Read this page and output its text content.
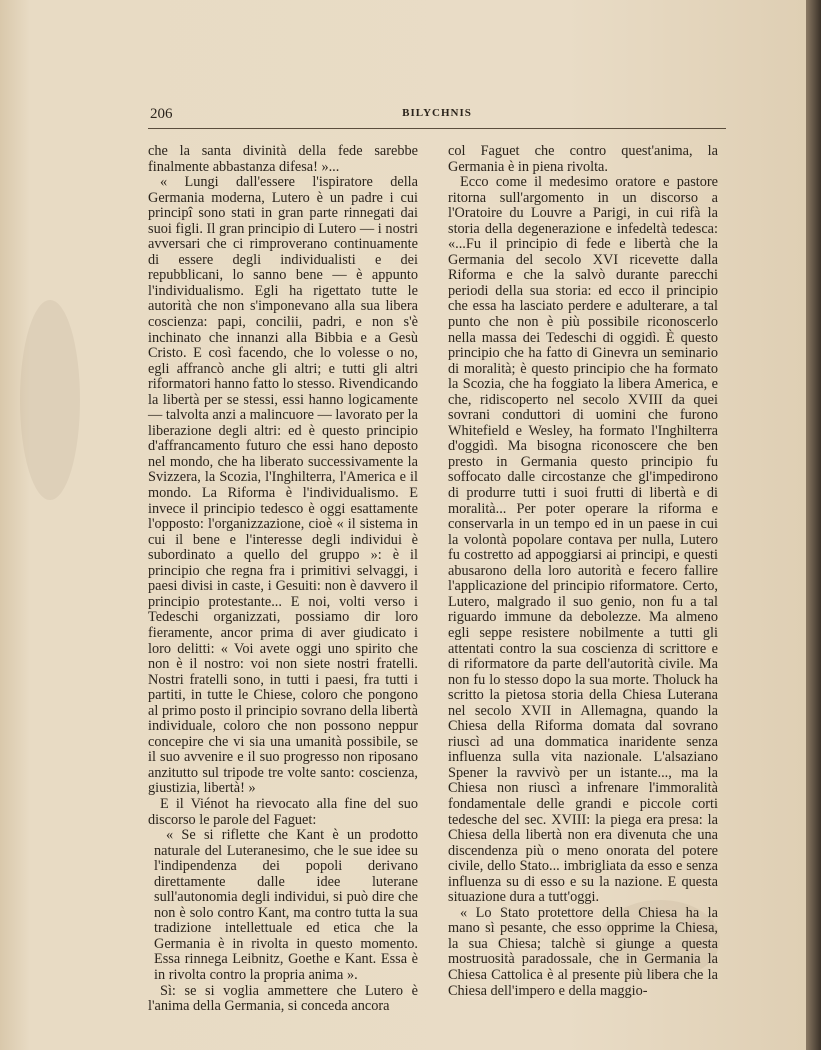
206	BILYCHNIS

che la santa divinità della fede sarebbe finalmente abbastanza difesa! »...

« Lungi dall'essere l'ispiratore della Germania moderna, Lutero è un padre i cui principî sono stati in gran parte rinnegati dai suoi figli. Il gran principio di Lutero — i nostri avversari che ci rimproverano continuamente di essere degli individualisti e dei repubblicani, lo sanno bene — è appunto l'individualismo. Egli ha rigettato tutte le autorità che non s'imponevano alla sua libera coscienza: papi, concilii, padri, e non s'è inchinato che innanzi alla Bibbia e a Gesù Cristo. E così facendo, che lo volesse o no, egli affrancò anche gli altri; e tutti gli altri riformatori hanno fatto lo stesso. Rivendicando la libertà per se stessi, essi hanno logicamente — talvolta anzi a malincuore — lavorato per la liberazione degli altri: ed è questo principio d'affrancamento futuro che essi hano deposto nel mondo, che ha liberato successivamente la Svizzera, la Scozia, l'Inghilterra, l'America e il mondo. La Riforma è l'individualismo. E invece il principio tedesco è oggi esattamente l'opposto: l'organizzazione, cioè « il sistema in cui il bene e l'interesse degli individui è subordinato a quello del gruppo »: è il principio che regna fra i primitivi selvaggi, i paesi divisi in caste, i Gesuiti: non è davvero il principio protestante... E noi, volti verso i Tedeschi organizzati, possiamo dir loro fieramente, ancor prima di aver giudicato i loro delitti: « Voi avete oggi uno spirito che non è il nostro: voi non siete nostri fratelli. Nostri fratelli sono, in tutti i paesi, fra tutti i partiti, in tutte le Chiese, coloro che pongono al primo posto il principio sovrano della libertà individuale, coloro che non possono neppur concepire che vi sia una umanità possibile, se il suo avvenire e il suo progresso non riposano anzitutto sul tripode tre volte santo: coscienza, giustizia, libertà! »

E il Viénot ha rievocato alla fine del suo discorso le parole del Faguet:

« Se si riflette che Kant è un prodotto naturale del Luteranesimo, che le sue idee su l'indipendenza dei popoli derivano direttamente dalle idee luterane sull'autonomia degli individui, si può dire che non è solo contro Kant, ma contro tutta la sua tradizione intellettuale ed etica che la Germania è in rivolta in questo momento. Essa rinnega Leibnitz, Goethe e Kant. Essa è in rivolta contro la propria anima ».

Sì: se si voglia ammettere che Lutero è l'anima della Germania, si conceda ancora

col Faguet che contro quest'anima, la Germania è in piena rivolta.

Ecco come il medesimo oratore e pastore ritorna sull'argomento in un discorso a l'Oratoire du Louvre a Parigi, in cui rifà la storia della degenerazione e infedeltà tedesca: «...Fu il principio di fede e libertà che la Germania del secolo XVI ricevette dalla Riforma e che la salvò durante parecchi periodi della sua storia: ed ecco il principio che essa ha lasciato perdere e adulterare, a tal punto che non è più possibile riconoscerlo nella massa dei Tedeschi di oggidì. È questo principio che ha fatto di Ginevra un seminario di moralità; è questo principio che ha formato la Scozia, che ha foggiato la libera America, e che, ridiscoperto nel secolo XVIII da quei sovrani conduttori di uomini che furono Whitefield e Wesley, ha formato l'Inghilterra d'oggidì. Ma bisogna riconoscere che ben presto in Germania questo principio fu soffocato dalle circostanze che gl'impedirono di produrre tutti i suoi frutti di libertà e di moralità... Per poter operare la riforma e conservarla in un tempo ed in un paese in cui la volontà popolare contava per nulla, Lutero fu costretto ad appoggiarsi ai principi, e questi abusarono della loro autorità e fecero fallire l'applicazione del principio riformatore. Certo, Lutero, malgrado il suo genio, non fu a tal riguardo immune da debolezze. Ma almeno egli seppe resistere nobilmente a tutti gli attentati contro la sua coscienza di scrittore e di riformatore da parte dell'autorità civile. Ma non fu lo stesso dopo la sua morte. Tholuck ha scritto la pietosa storia della Chiesa Luterana nel secolo XVII in Allemagna, quando la Chiesa della Riforma domata dal sovrano riuscì ad una dommatica inaridente senza influenza sulla vita nazionale. L'alsaziano Spener la ravvivò per un istante..., ma la Chiesa non riuscì a infrenare l'immoralità fondamentale delle grandi e piccole corti tedesche del sec. XVIII: la piega era presa: la Chiesa della libertà non era divenuta che una discendenza più o meno onorata del potere civile, dello Stato... imbrigliata da esso e senza influenza su di esso e su la nazione. E questa situazione dura a tutt'oggi.

« Lo Stato protettore della Chiesa ha la mano sì pesante, che esso opprime la Chiesa, la sua Chiesa; talchè si giunge a questa mostruosità paradossale, che in Germania la Chiesa Cattolica è al presente più libera che la Chiesa dell'impero e della maggio-
